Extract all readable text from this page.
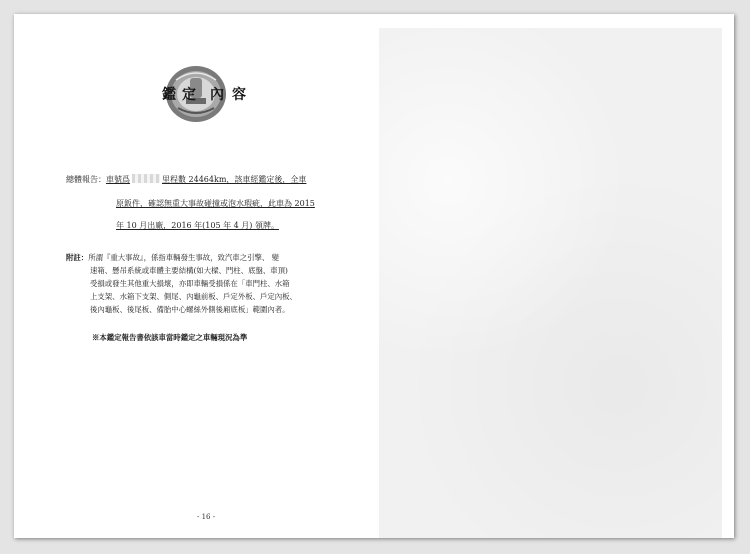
鑑 定 內 容
總體報告：車號爲	里程數 24464km，該車經鑑定後，全車
原鈑件，確認無重大事故碰撞或泡水瑕疵，此車為 2015
年 10 月出廠，2016 年(105 年 4 月) 領牌。
附註：所謂『重大事故』，係指車輛發生事故，致汽車之引擎、 變
速箱、懸吊系統或車體主要結構(如大樑、門柱、底盤、車頂)
受損或發生其他重大損壞，亦即車輛受損係在「車門柱、水箱
上支架、水箱下支架、側尾、內龜前板、戶定外板、戶定內板、
後內龜板、後尾板、備胎中心螺絲外側後廂底板」範圍內者。
※本鑑定報告書依該車當時鑑定之車輛現況為準
- 16 -
